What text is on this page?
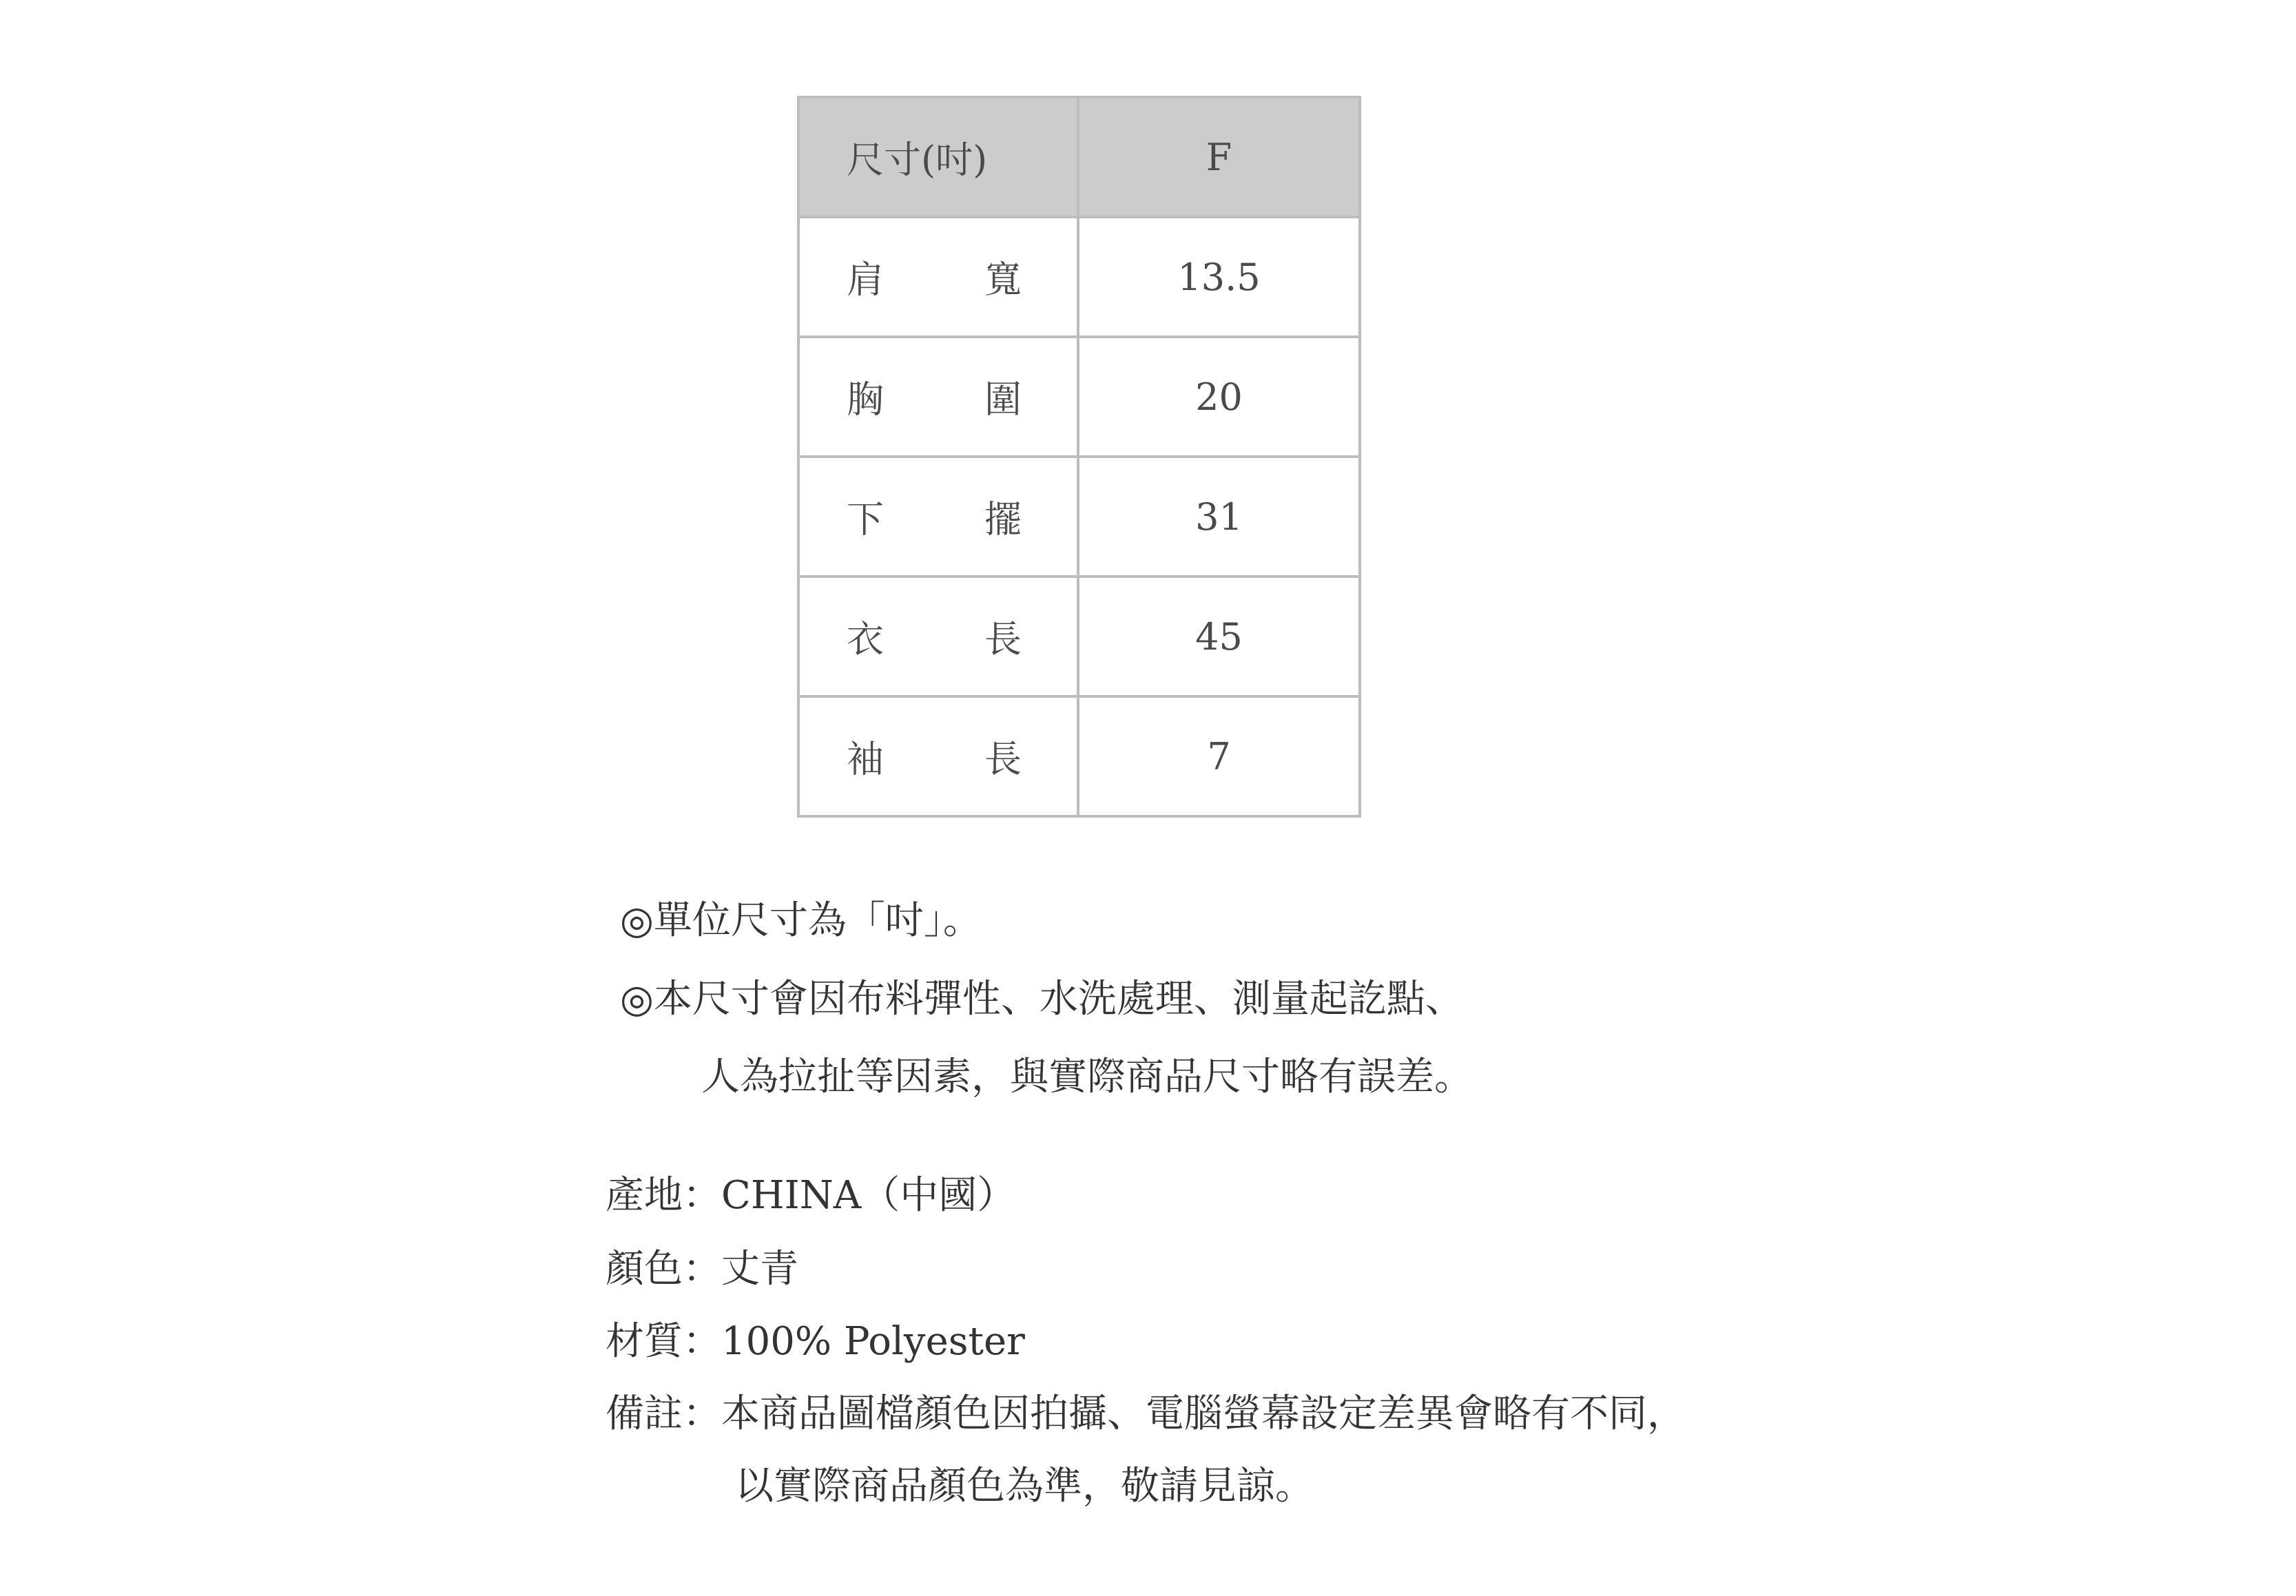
尺寸(吋)	F

肩 寬	13.5

胸 圍	20

下 擺	31

衣 長	45

袖 長	7
◎單位尺寸為「吋」。
◎本尺寸會因布料彈性、水洗處理、測量起訖點、
人為拉扯等因素，與實際商品尺寸略有誤差。
產地：CHINA（中國）
顏色：丈青
材質：100% Polyester
備註：本商品圖檔顏色因拍攝、電腦螢幕設定差異會略有不同，
以實際商品顏色為準，敬請見諒。
